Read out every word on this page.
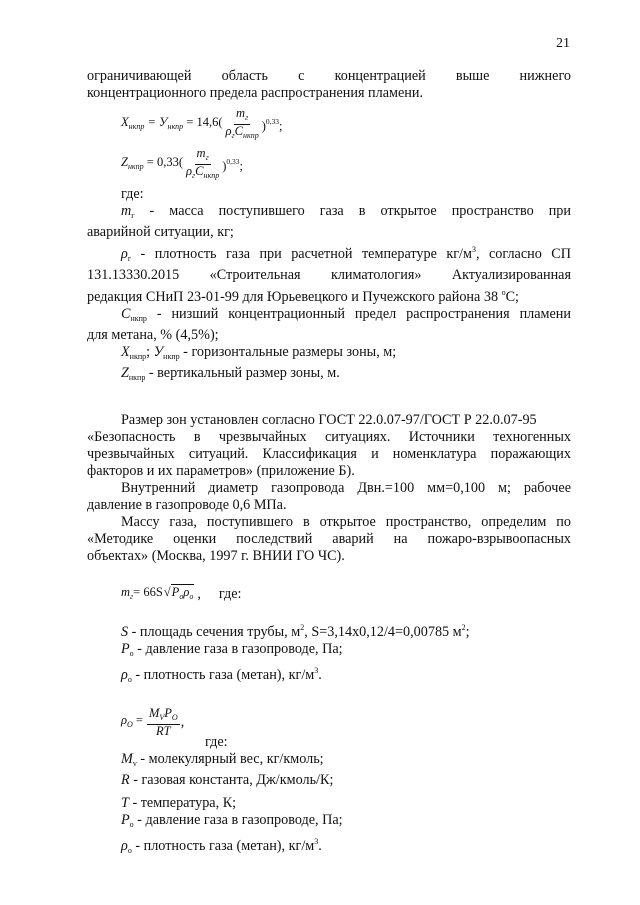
21
ограничивающей область с концентрацией выше нижнего
концентрационного предела распространения пламени.
$Х_{нкпр} = У_{нкпр} = 14,6( \frac{m_г}{\rho_гС_{нкпр}} )^{0,33}$;
$Z_{нкпр} = 0,33( \frac{m_г}{\rho_гС_{нкпр}} )^{0,33}$;
где:
$m_г$ - масса поступившего газа в открытое пространство при
аварийной ситуации, кг;
$\rho_г$ - плотность газа при расчетной температуре $кг/м^3$, согласно СП
131.13330.2015 «Строительная климатология» Актуализированная
редакция СНиП 23-01-99 для Юрьевецкого и Пучежского района 38 $^о$С;
$С_{нкпр}$ - низший концентрационный предел распространения пламени
для метана, % (4,5%);
$Х_{нкпр}$; $У_{нкпр}$ - горизонтальные размеры зоны, м;
$Z_{нкпр}$ - вертикальный размер зоны, м.
Размер зон установлен согласно ГОСТ 22.0.07-97/ГОСТ Р 22.0.07-95
«Безопасность в чрезвычайных ситуациях. Источники техногенных
чрезвычайных ситуаций. Классификация и номенклатура поражающих
факторов и их параметров» (приложение Б).
Внутренний диаметр газопровода Двн.=100 мм=0,100 м; рабочее
давление в газопроводе 0,6 МПа.
Массу газа, поступившего в открытое пространство, определим по
«Методике оценки последствий аварий на пожаро-взрывоопасных
объектах» (Москва, 1997 г. ВНИИ ГО ЧС).
$m_г= 66S$ $√P_о\rho_о$ , где:
S - площадь сечения трубы, $м^2$, S=3,14х0,12/4=0,00785 $м^2$;
$Р_о$ - давление газа в газопроводе, Па;
$\rho_о$ - плотность газа (метан), $кг/м^3$.
$\rho_O = \frac{M_VP_O}{RT}$ ,
где:
$М_v$ - молекулярный вес, кг/кмоль;
R - газовая константа, Дж/кмоль/К;
Т - температура, К;
$Р_о$ - давление газа в газопроводе, Па;
$\rho_о$ - плотность газа (метан), $кг/м^3$.
